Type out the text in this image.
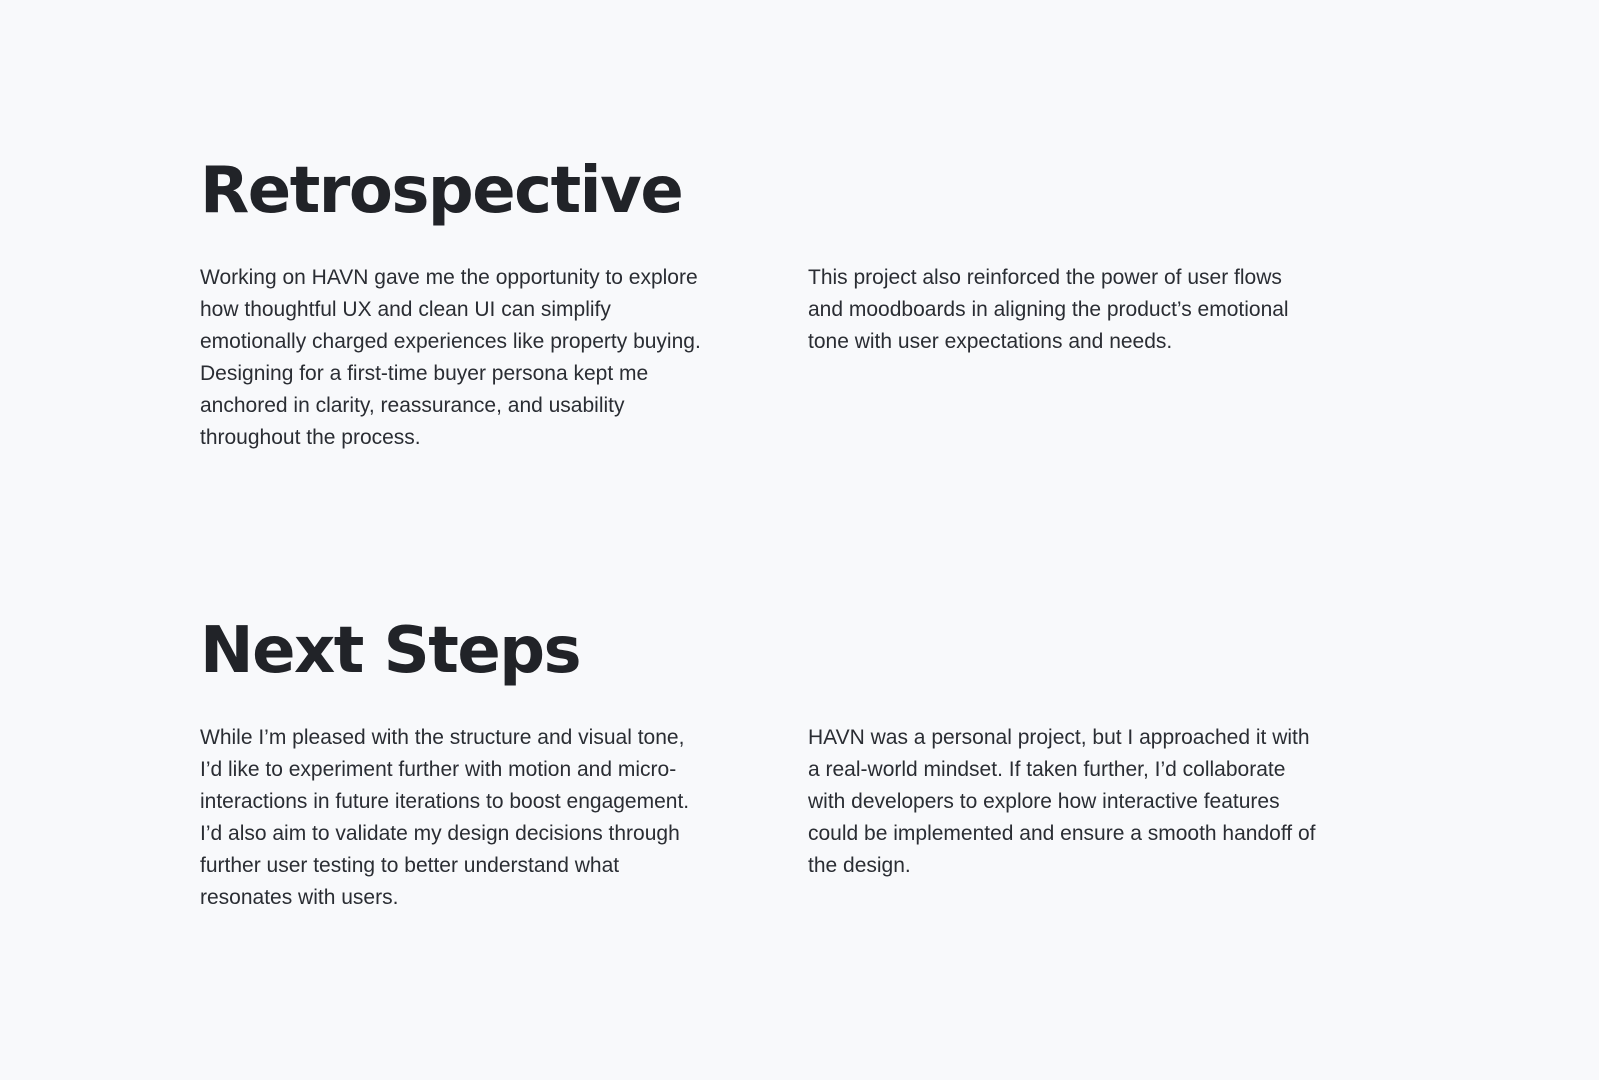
Retrospective

Working on HAVN gave me the opportunity to explore how thoughtful UX and clean UI can simplify emotionally charged experiences like property buying. Designing for a first-time buyer persona kept me anchored in clarity, reassurance, and usability throughout the process.

This project also reinforced the power of user flows and moodboards in aligning the product’s emotional tone with user expectations and needs.

Next Steps

While I’m pleased with the structure and visual tone, I’d like to experiment further with motion and micro-interactions in future iterations to boost engagement. I’d also aim to validate my design decisions through further user testing to better understand what resonates with users.

HAVN was a personal project, but I approached it with a real-world mindset. If taken further, I’d collaborate with developers to explore how interactive features could be implemented and ensure a smooth handoff of the design.
